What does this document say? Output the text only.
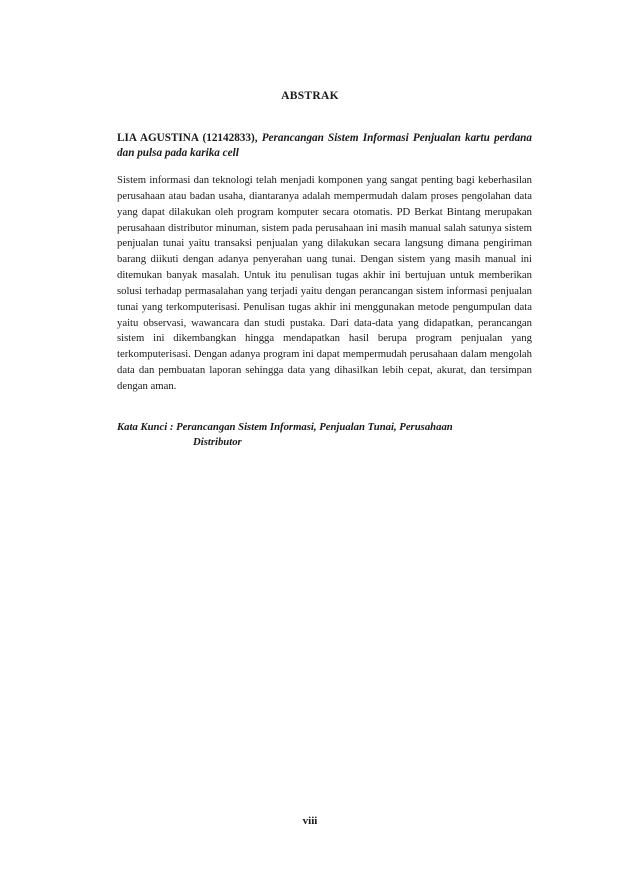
ABSTRAK
LIA AGUSTINA (12142833), Perancangan Sistem Informasi Penjualan kartu perdana dan pulsa pada karika cell
Sistem informasi dan teknologi telah menjadi komponen yang sangat penting bagi keberhasilan perusahaan atau badan usaha, diantaranya adalah mempermudah dalam proses pengolahan data yang dapat dilakukan oleh program komputer secara otomatis. PD Berkat Bintang merupakan perusahaan distributor minuman, sistem pada perusahaan ini masih manual salah satunya sistem penjualan tunai yaitu transaksi penjualan yang dilakukan secara langsung dimana pengiriman barang diikuti dengan adanya penyerahan uang tunai. Dengan sistem yang masih manual ini ditemukan banyak masalah. Untuk itu penulisan tugas akhir ini bertujuan untuk memberikan solusi terhadap permasalahan yang terjadi yaitu dengan perancangan sistem informasi penjualan tunai yang terkomputerisasi. Penulisan tugas akhir ini menggunakan metode pengumpulan data yaitu observasi, wawancara dan studi pustaka. Dari data-data yang didapatkan, perancangan sistem ini dikembangkan hingga mendapatkan hasil berupa program penjualan yang terkomputerisasi. Dengan adanya program ini dapat mempermudah perusahaan dalam mengolah data dan pembuatan laporan sehingga data yang dihasilkan lebih cepat, akurat, dan tersimpan dengan aman.
Kata Kunci : Perancangan Sistem Informasi, Penjualan Tunai, Perusahaan
Distributor
viii
